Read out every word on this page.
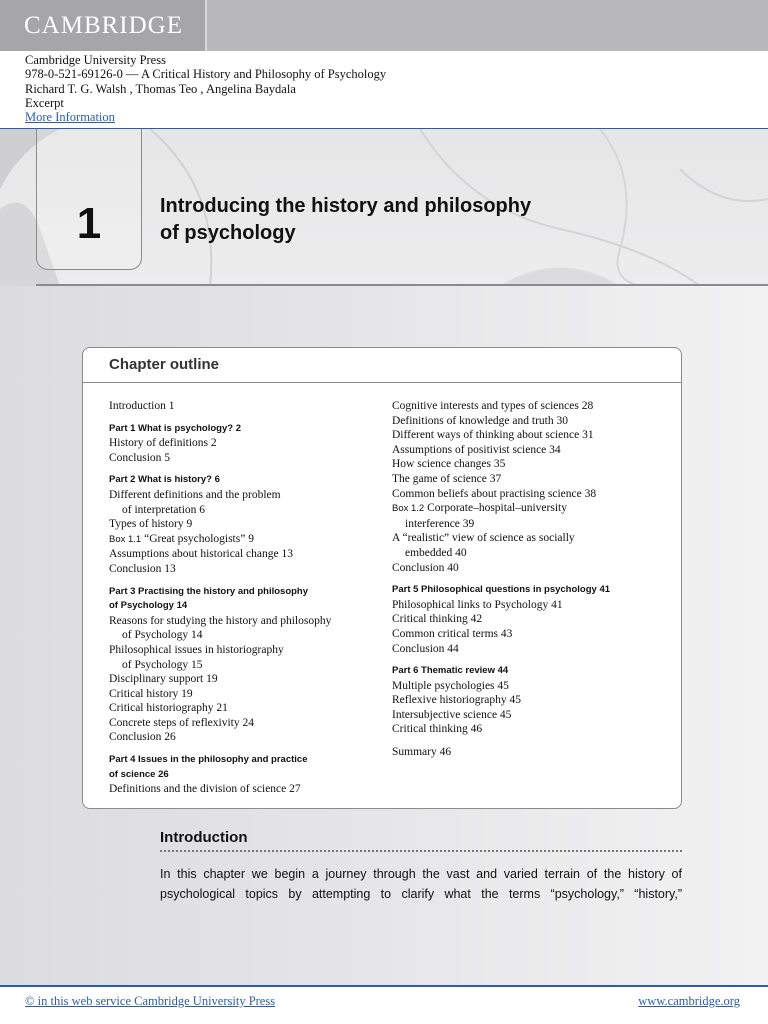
CAMBRIDGE
Cambridge University Press
978-0-521-69126-0 — A Critical History and Philosophy of Psychology
Richard T. G. Walsh , Thomas Teo , Angelina Baydala
Excerpt
More Information
1	Introducing the history and philosophy
of psychology
Chapter outline
Introduction 1
Part 1 What is psychology? 2
History of definitions 2
Conclusion 5
Part 2 What is history? 6
Different definitions and the problem
of interpretation 6
Types of history 9
Box 1.1 “Great psychologists” 9
Assumptions about historical change 13
Conclusion 13
Part 3 Practising the history and philosophy
of Psychology 14
Reasons for studying the history and philosophy
of Psychology 14
Philosophical issues in historiography
of Psychology 15
Disciplinary support 19
Critical history 19
Critical historiography 21
Concrete steps of reflexivity 24
Conclusion 26
Part 4 Issues in the philosophy and practice
of science 26
Definitions and the division of science 27
Cognitive interests and types of sciences 28
Definitions of knowledge and truth 30
Different ways of thinking about science 31
Assumptions of positivist science 34
How science changes 35
The game of science 37
Common beliefs about practising science 38
Box 1.2 Corporate–hospital–university
interference 39
A “realistic” view of science as socially
embedded 40
Conclusion 40
Part 5 Philosophical questions in psychology 41
Philosophical links to Psychology 41
Critical thinking 42
Common critical terms 43
Conclusion 44
Part 6 Thematic review 44
Multiple psychologies 45
Reflexive historiography 45
Intersubjective science 45
Critical thinking 46
Summary 46
Introduction
In this chapter we begin a journey through the vast and varied terrain of the history of
psychological topics by attempting to clarify what the terms “psychology,” “history,”
© in this web service Cambridge University Press	www.cambridge.org
